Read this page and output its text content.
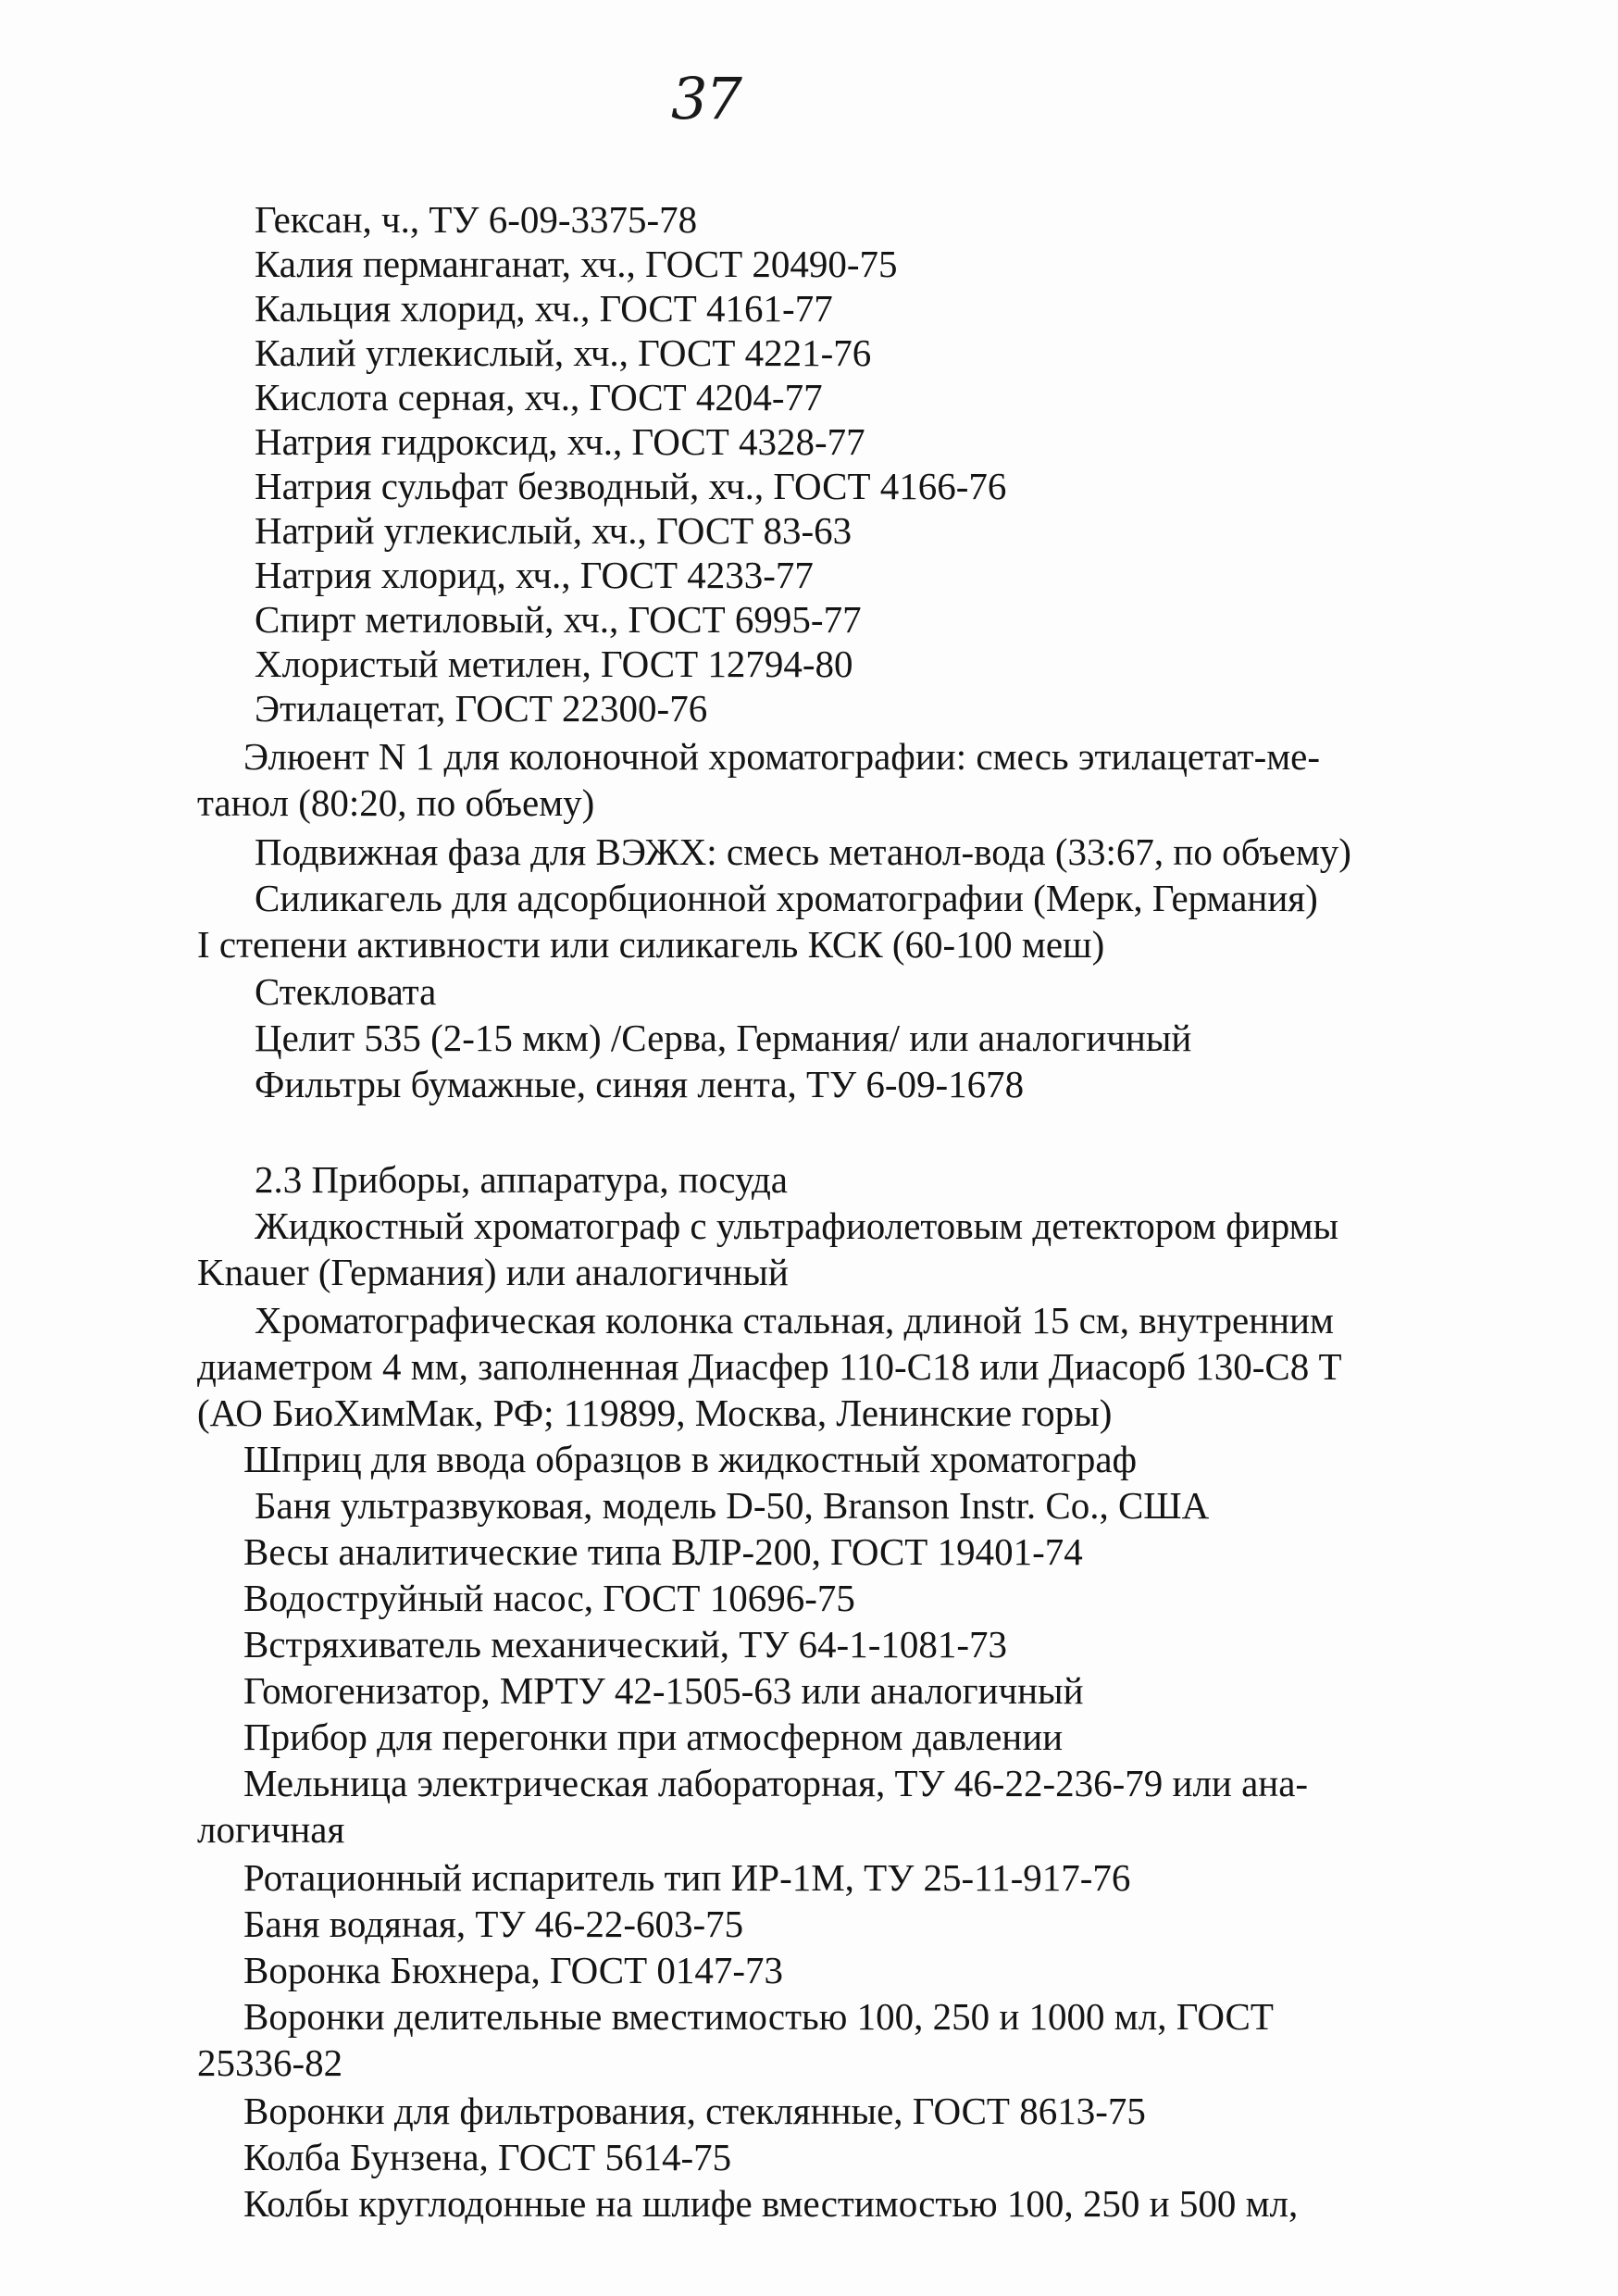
37
Гексан, ч., ТУ 6-09-3375-78
Калия перманганат, хч., ГОСТ 20490-75
Кальция хлорид, хч., ГОСТ 4161-77
Калий углекислый, хч., ГОСТ 4221-76
Кислота серная, хч., ГОСТ 4204-77
Натрия гидроксид, хч., ГОСТ 4328-77
Натрия сульфат безводный, хч., ГОСТ 4166-76
Натрий углекислый, хч., ГОСТ 83-63
Натрия хлорид, хч., ГОСТ 4233-77
Спирт метиловый, хч., ГОСТ 6995-77
Хлористый метилен, ГОСТ 12794-80
Этилацетат, ГОСТ 22300-76
Элюент N 1 для колоночной хроматографии: смесь этилацетат-ме-
танол (80:20, по объему)
Подвижная фаза для ВЭЖХ: смесь метанол-вода (33:67, по объему)
Силикагель для адсорбционной хроматографии (Мерк, Германия)
I степени активности или силикагель КСК (60-100 меш)
Стекловата
Целит 535 (2-15 мкм) /Серва, Германия/ или аналогичный
Фильтры бумажные, синяя лента, ТУ 6-09-1678
2.3 Приборы, аппаратура, посуда
Жидкостный хроматограф с ультрафиолетовым детектором фирмы
Knauer (Германия) или аналогичный
Хроматографическая колонка стальная, длиной 15 см, внутренним
диаметром 4 мм, заполненная Диасфер 110-С18 или Диасорб 130-С8 Т
(АО БиоХимМак, РФ; 119899, Москва, Ленинские горы)
Шприц для ввода образцов в жидкостный хроматограф
Баня ультразвуковая, модель D-50, Branson Instr. Co., США
Весы аналитические типа ВЛР-200, ГОСТ 19401-74
Водоструйный насос, ГОСТ 10696-75
Встряхиватель механический, ТУ 64-1-1081-73
Гомогенизатор, МРТУ 42-1505-63 или аналогичный
Прибор для перегонки при атмосферном давлении
Мельница электрическая лабораторная, ТУ 46-22-236-79 или ана-
логичная
Ротационный испаритель тип ИР-1М, ТУ 25-11-917-76
Баня водяная, ТУ 46-22-603-75
Воронка Бюхнера, ГОСТ 0147-73
Воронки делительные вместимостью 100, 250 и 1000 мл, ГОСТ
25336-82
Воронки для фильтрования, стеклянные, ГОСТ 8613-75
Колба Бунзена, ГОСТ 5614-75
Колбы круглодонные на шлифе вместимостью 100, 250 и 500 мл,
